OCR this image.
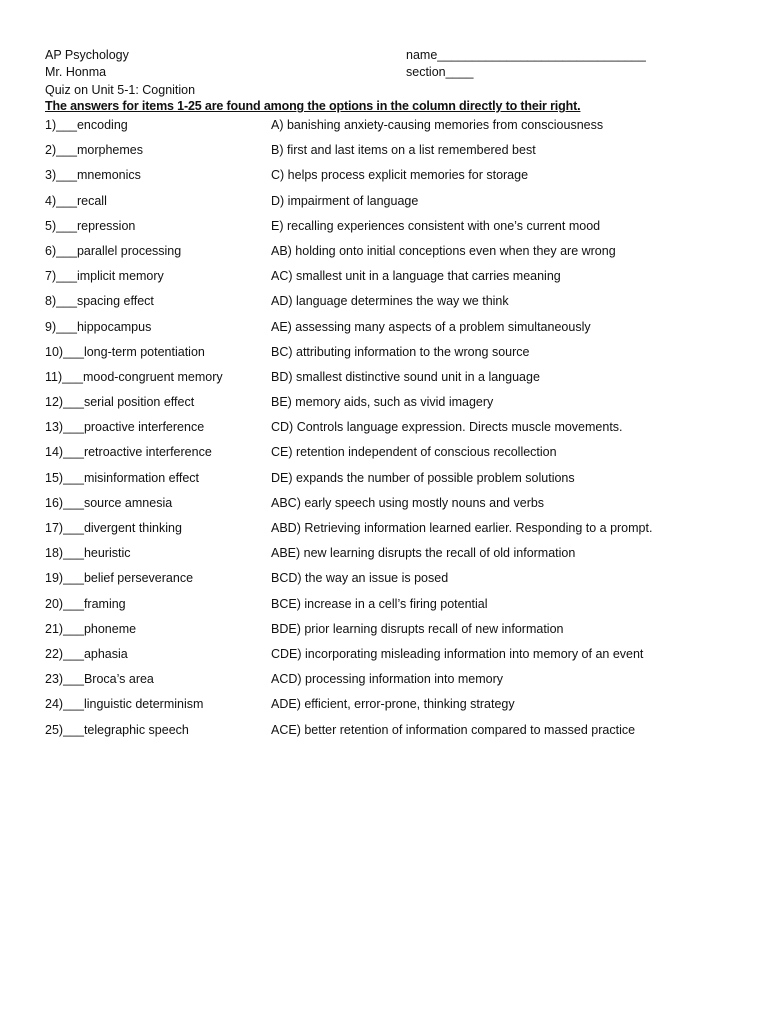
AP Psychology
Mr. Honma
Quiz on Unit 5-1: Cognition
name______________________________
section____
The answers for items 1-25 are found among the options in the column directly to their right.
1)___encoding	A) banishing anxiety-causing memories from consciousness
2)___morphemes	B) first and last items on a list remembered best
3)___mnemonics	C) helps process explicit memories for storage
4)___recall	D) impairment of language
5)___repression	E) recalling experiences consistent with one’s current mood
6)___parallel processing	AB) holding onto initial conceptions even when they are wrong
7)___implicit memory	AC) smallest unit in a language that carries meaning
8)___spacing effect	AD) language determines the way we think
9)___hippocampus	AE) assessing many aspects of a problem simultaneously
10)___long-term potentiation	BC) attributing information to the wrong source
11)___mood-congruent memory	BD) smallest distinctive sound unit in a language
12)___serial position effect	BE) memory aids, such as vivid imagery
13)___proactive interference	CD) Controls language expression. Directs muscle movements.
14)___retroactive interference	CE) retention independent of conscious recollection
15)___misinformation effect	DE) expands the number of possible problem solutions
16)___source amnesia	ABC) early speech using mostly nouns and verbs
17)___divergent thinking	ABD) Retrieving information learned earlier. Responding to a prompt.
18)___heuristic	ABE) new learning disrupts the recall of old information
19)___belief perseverance	BCD) the way an issue is posed
20)___framing	BCE) increase in a cell’s firing potential
21)___phoneme	BDE) prior learning disrupts recall of new information
22)___aphasia	CDE) incorporating misleading information into memory of an event
23)___Broca’s area	ACD) processing information into memory
24)___linguistic determinism	ADE) efficient, error-prone, thinking strategy
25)___telegraphic speech	ACE) better retention of information compared to massed practice
